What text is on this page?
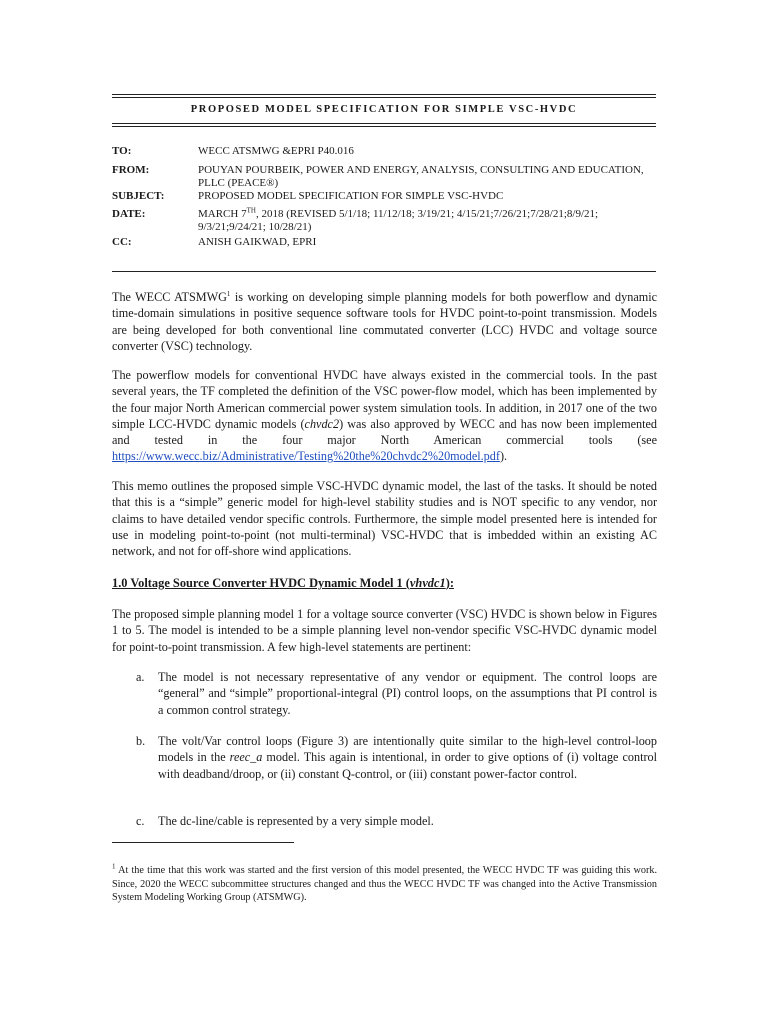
PROPOSED MODEL SPECIFICATION FOR SIMPLE VSC-HVDC
TO:	WECC ATSMWG &EPRI P40.016
FROM:	POUYAN POURBEIK, POWER AND ENERGY, ANALYSIS, CONSULTING AND EDUCATION, PLLC (PEACE®)
SUBJECT:	PROPOSED MODEL SPECIFICATION FOR SIMPLE VSC-HVDC
DATE:	MARCH 7TH, 2018 (REVISED 5/1/18; 11/12/18; 3/19/21; 4/15/21;7/26/21;7/28/21;8/9/21; 9/3/21;9/24/21; 10/28/21)
CC:	ANISH GAIKWAD, EPRI

The WECC ATSMWG$^1$ is working on developing simple planning models for both powerflow and dynamic time-domain simulations in positive sequence software tools for HVDC point-to-point transmission. Models are being developed for both conventional line commutated converter (LCC) HVDC and voltage source converter (VSC) technology.

The powerflow models for conventional HVDC have always existed in the commercial tools. In the past several years, the TF completed the definition of the VSC power-flow model, which has been implemented by the four major North American commercial power system simulation tools. In addition, in 2017 one of the two simple LCC-HVDC dynamic models (chvdc2) was also approved by WECC and has now been implemented and tested in the four major North American commercial tools (see https://www.wecc.biz/Administrative/Testing%20the%20chvdc2%20model.pdf).

This memo outlines the proposed simple VSC-HVDC dynamic model, the last of the tasks. It should be noted that this is a “simple” generic model for high-level stability studies and is NOT specific to any vendor, nor claims to have detailed vendor specific controls. Furthermore, the simple model presented here is intended for use in modeling point-to-point (not multi-terminal) VSC-HVDC that is imbedded within an existing AC network, and not for off-shore wind applications.

1.0 Voltage Source Converter HVDC Dynamic Model 1 (vhvdc1):

The proposed simple planning model 1 for a voltage source converter (VSC) HVDC is shown below in Figures 1 to 5. The model is intended to be a simple planning level non-vendor specific VSC-HVDC dynamic model for point-to-point transmission. A few high-level statements are pertinent:

a. The model is not necessary representative of any vendor or equipment. The control loops are “general” and “simple” proportional-integral (PI) control loops, on the assumptions that PI control is a common control strategy.
b. The volt/Var control loops (Figure 3) are intentionally quite similar to the high-level control-loop models in the reec_a model. This again is intentional, in order to give options of (i) voltage control with deadband/droop, or (ii) constant Q-control, or (iii) constant power-factor control.
c. The dc-line/cable is represented by a very simple model.
$^1$ At the time that this work was started and the first version of this model presented, the WECC HVDC TF was guiding this work. Since, 2020 the WECC subcommittee structures changed and thus the WECC HVDC TF was changed into the Active Transmission System Modeling Working Group (ATSMWG).
